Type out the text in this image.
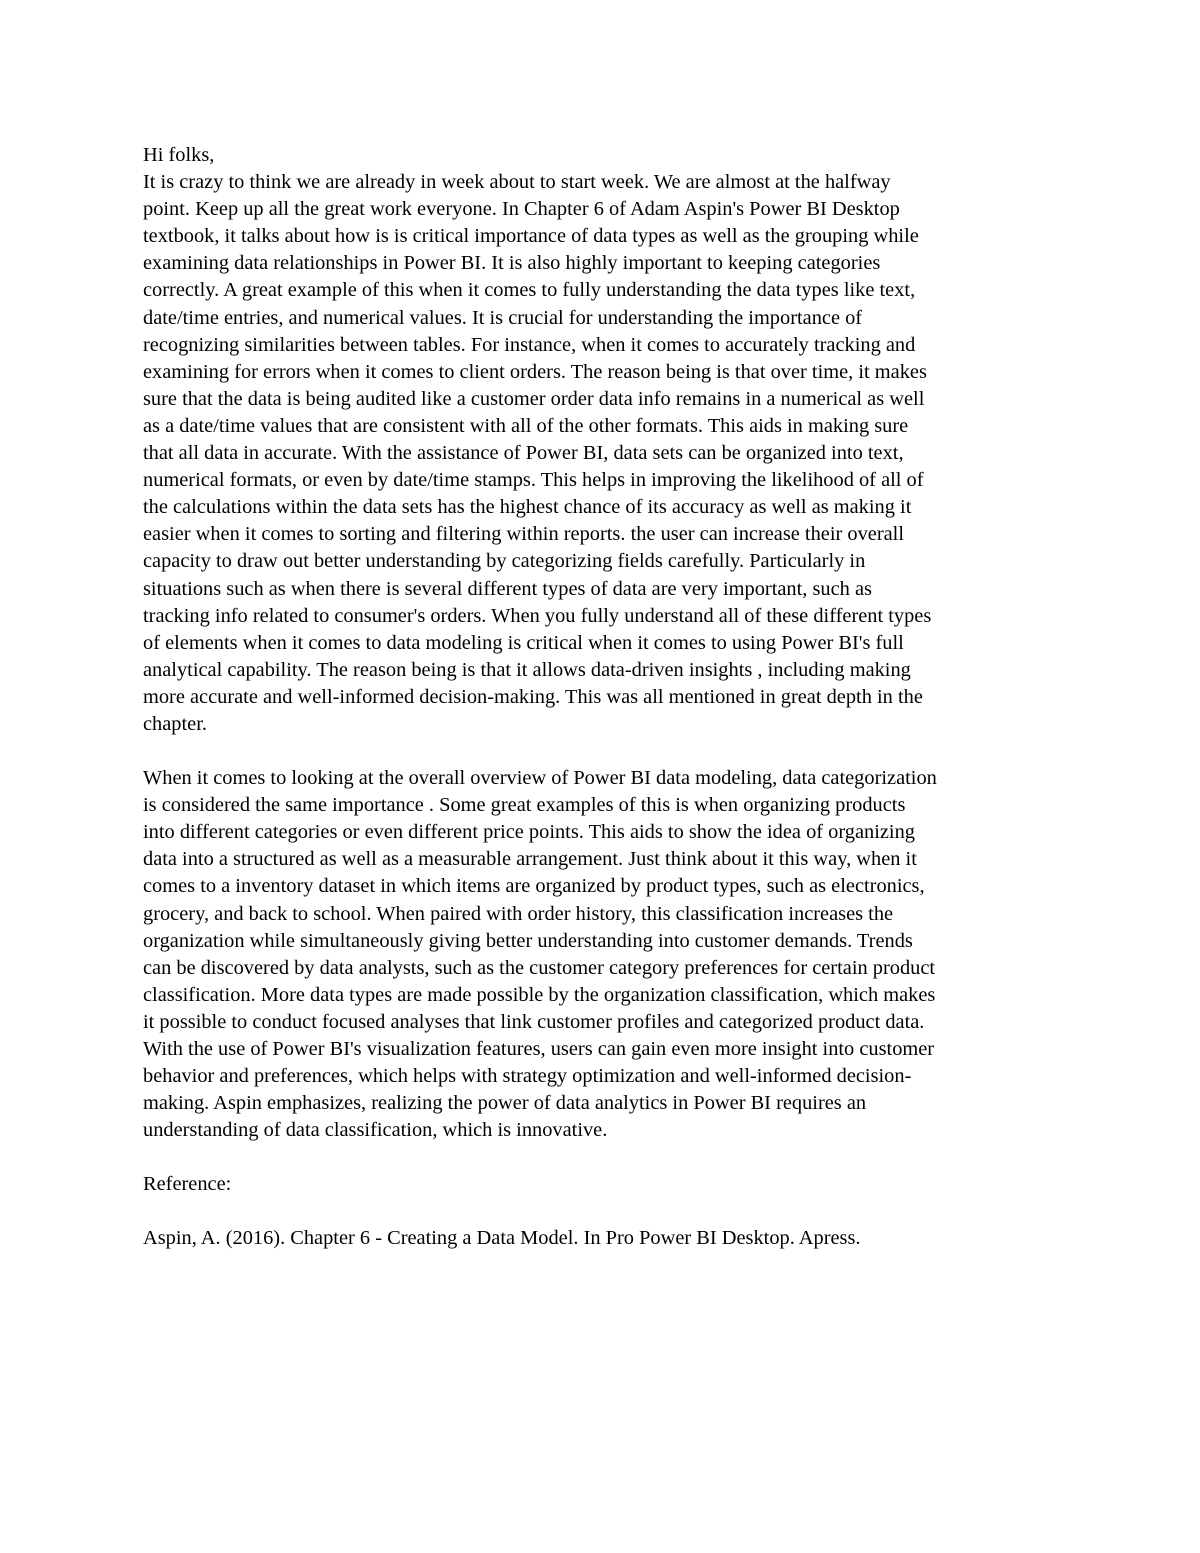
Hi folks,

It is crazy to think we are already in week about to start week. We are almost at the halfway
point. Keep up all the great work everyone. In Chapter 6 of Adam Aspin's Power BI Desktop
textbook, it talks about how is is critical importance of data types as well as the grouping while
examining data relationships in Power BI. It is also highly important to keeping categories
correctly. A great example of this when it comes to fully understanding the data types like text,
date/time entries, and numerical values. It is crucial for understanding the importance of
recognizing similarities between tables. For instance, when it comes to accurately tracking and
examining for errors when it comes to client orders. The reason being is that over time, it makes
sure that the data is being audited like a customer order data info remains in a numerical as well
as a date/time values that are consistent with all of the other formats. This aids in making sure
that all data in accurate. With the assistance of Power BI, data sets can be organized into text,
numerical formats, or even by date/time stamps. This helps in improving the likelihood of all of
the calculations within the data sets has the highest chance of its accuracy as well as making it
easier when it comes to sorting and filtering within reports. the user can increase their overall
capacity to draw out better understanding by categorizing fields carefully. Particularly in
situations such as when there is several different types of data are very important, such as
tracking info related to consumer's orders. When you fully understand all of these different types
of elements when it comes to data modeling is critical when it comes to using Power BI's full
analytical capability. The reason being is that it allows data-driven insights , including making
more accurate and well-informed decision-making. This was all mentioned in great depth in the
chapter.

When it comes to looking at the overall overview of Power BI data modeling, data categorization
is considered the same importance . Some great examples of this is when organizing products
into different categories or even different price points. This aids to show the idea of organizing
data into a structured as well as a measurable arrangement. Just think about it this way, when it
comes to a inventory dataset in which items are organized by product types, such as electronics,
grocery, and back to school. When paired with order history, this classification increases the
organization while simultaneously giving better understanding into customer demands. Trends
can be discovered by data analysts, such as the customer category preferences for certain product
classification. More data types are made possible by the organization classification, which makes
it possible to conduct focused analyses that link customer profiles and categorized product data.
With the use of Power BI's visualization features, users can gain even more insight into customer
behavior and preferences, which helps with strategy optimization and well-informed decision-
making. Aspin emphasizes, realizing the power of data analytics in Power BI requires an
understanding of data classification, which is innovative.

Reference:

Aspin, A. (2016). Chapter 6 - Creating a Data Model. In Pro Power BI Desktop. Apress.
